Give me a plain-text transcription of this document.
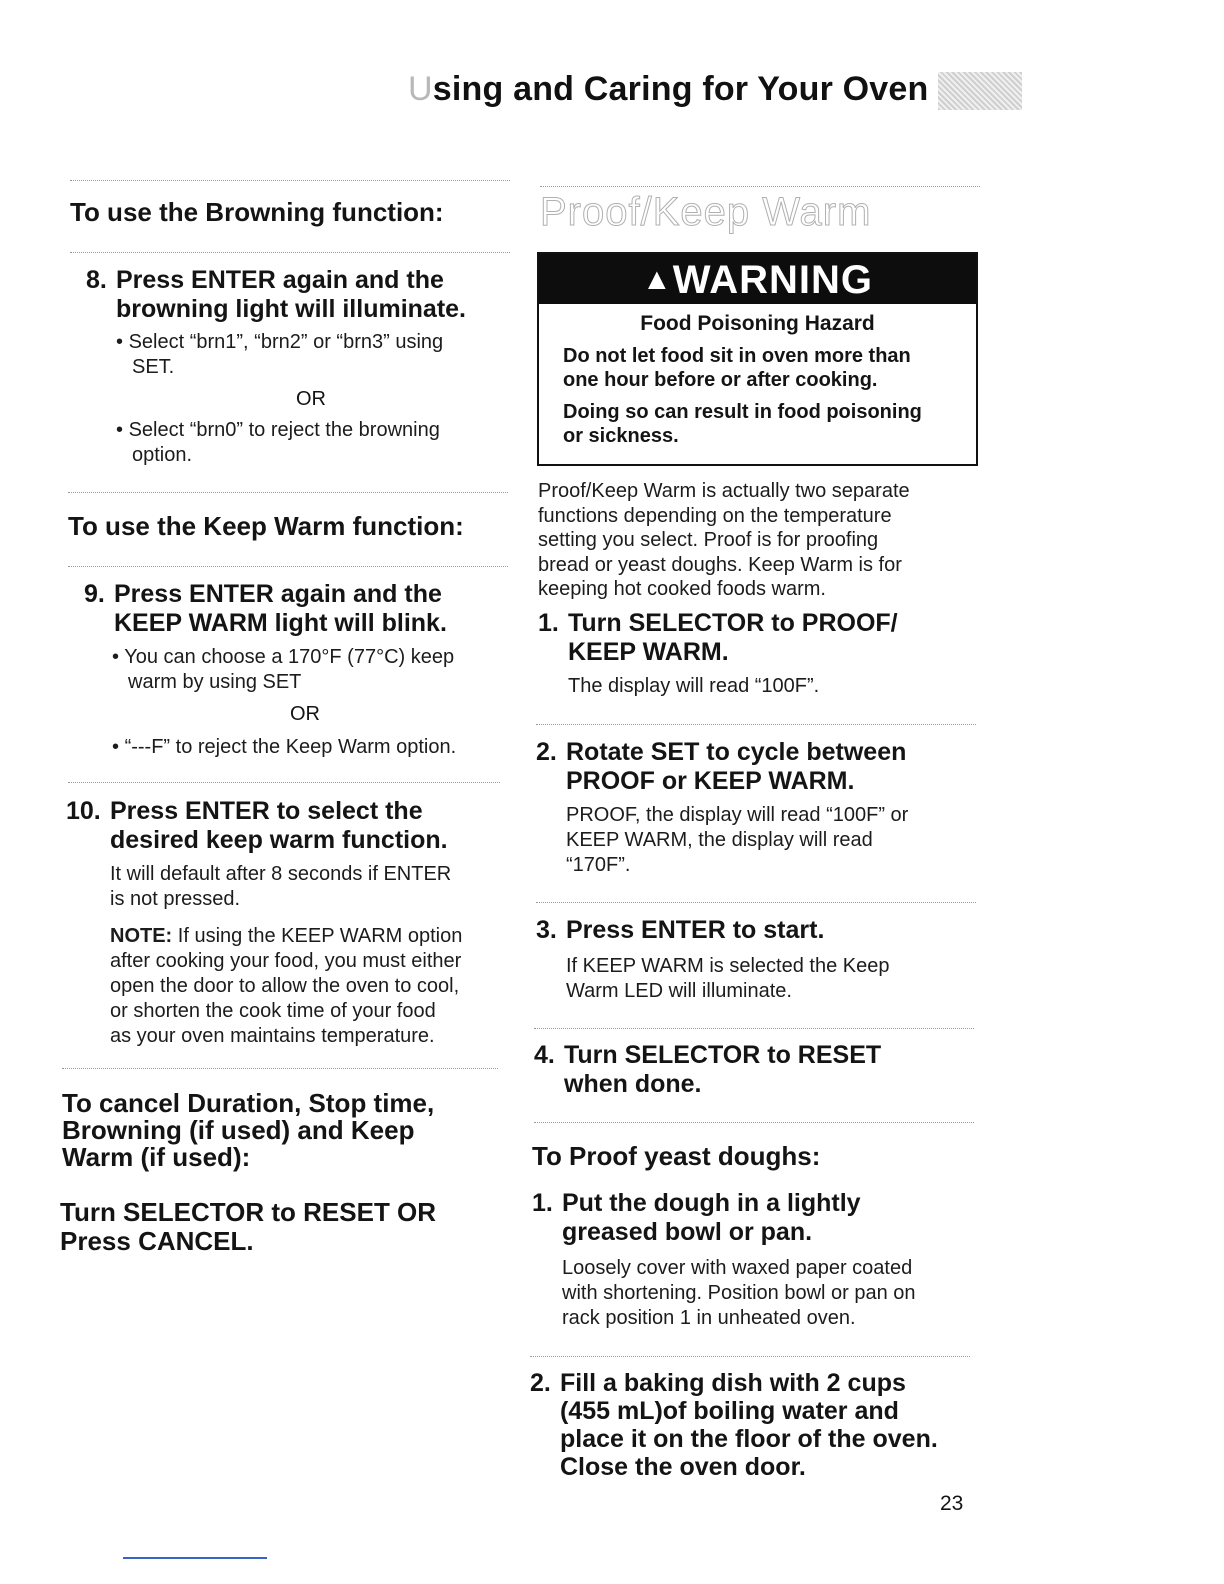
Using and Caring for Your Oven
To use the Browning function:
8. Press ENTER again and the
browning light will illuminate.
• Select “brn1”, “brn2” or “brn3” using
SET.
OR
• Select “brn0” to reject the browning
option.
To use the Keep Warm function:
9. Press ENTER again and the
KEEP WARM light will blink.
• You can choose a 170°F (77°C) keep
warm by using SET
OR
• “---F” to reject the Keep Warm option.
10. Press ENTER to select the
desired keep warm function.
It will default after 8 seconds if ENTER
is not pressed.
NOTE: If using the KEEP WARM option
after cooking your food, you must either
open the door to allow the oven to cool,
or shorten the cook time of your food
as your oven maintains temperature.
To cancel Duration, Stop time,
Browning (if used) and Keep
Warm (if used):
Turn SELECTOR to RESET OR
Press CANCEL.
Proof/Keep Warm
▲WARNING
Food Poisoning Hazard
Do not let food sit in oven more than
one hour before or after cooking.
Doing so can result in food poisoning
or sickness.
Proof/Keep Warm is actually two separate
functions depending on the temperature
setting you select. Proof is for proofing
bread or yeast doughs. Keep Warm is for
keeping hot cooked foods warm.
1. Turn SELECTOR to PROOF/
KEEP WARM.
The display will read “100F”.
2. Rotate SET to cycle between
PROOF or KEEP WARM.
PROOF, the display will read “100F” or
KEEP WARM, the display will read
“170F”.
3. Press ENTER to start.
If KEEP WARM is selected the Keep
Warm LED will illuminate.
4. Turn SELECTOR to RESET
when done.
To Proof yeast doughs:
1. Put the dough in a lightly
greased bowl or pan.
Loosely cover with waxed paper coated
with shortening. Position bowl or pan on
rack position 1 in unheated oven.
2. Fill a baking dish with 2 cups
(455 mL)of boiling water and
place it on the floor of the oven.
Close the oven door.
23
